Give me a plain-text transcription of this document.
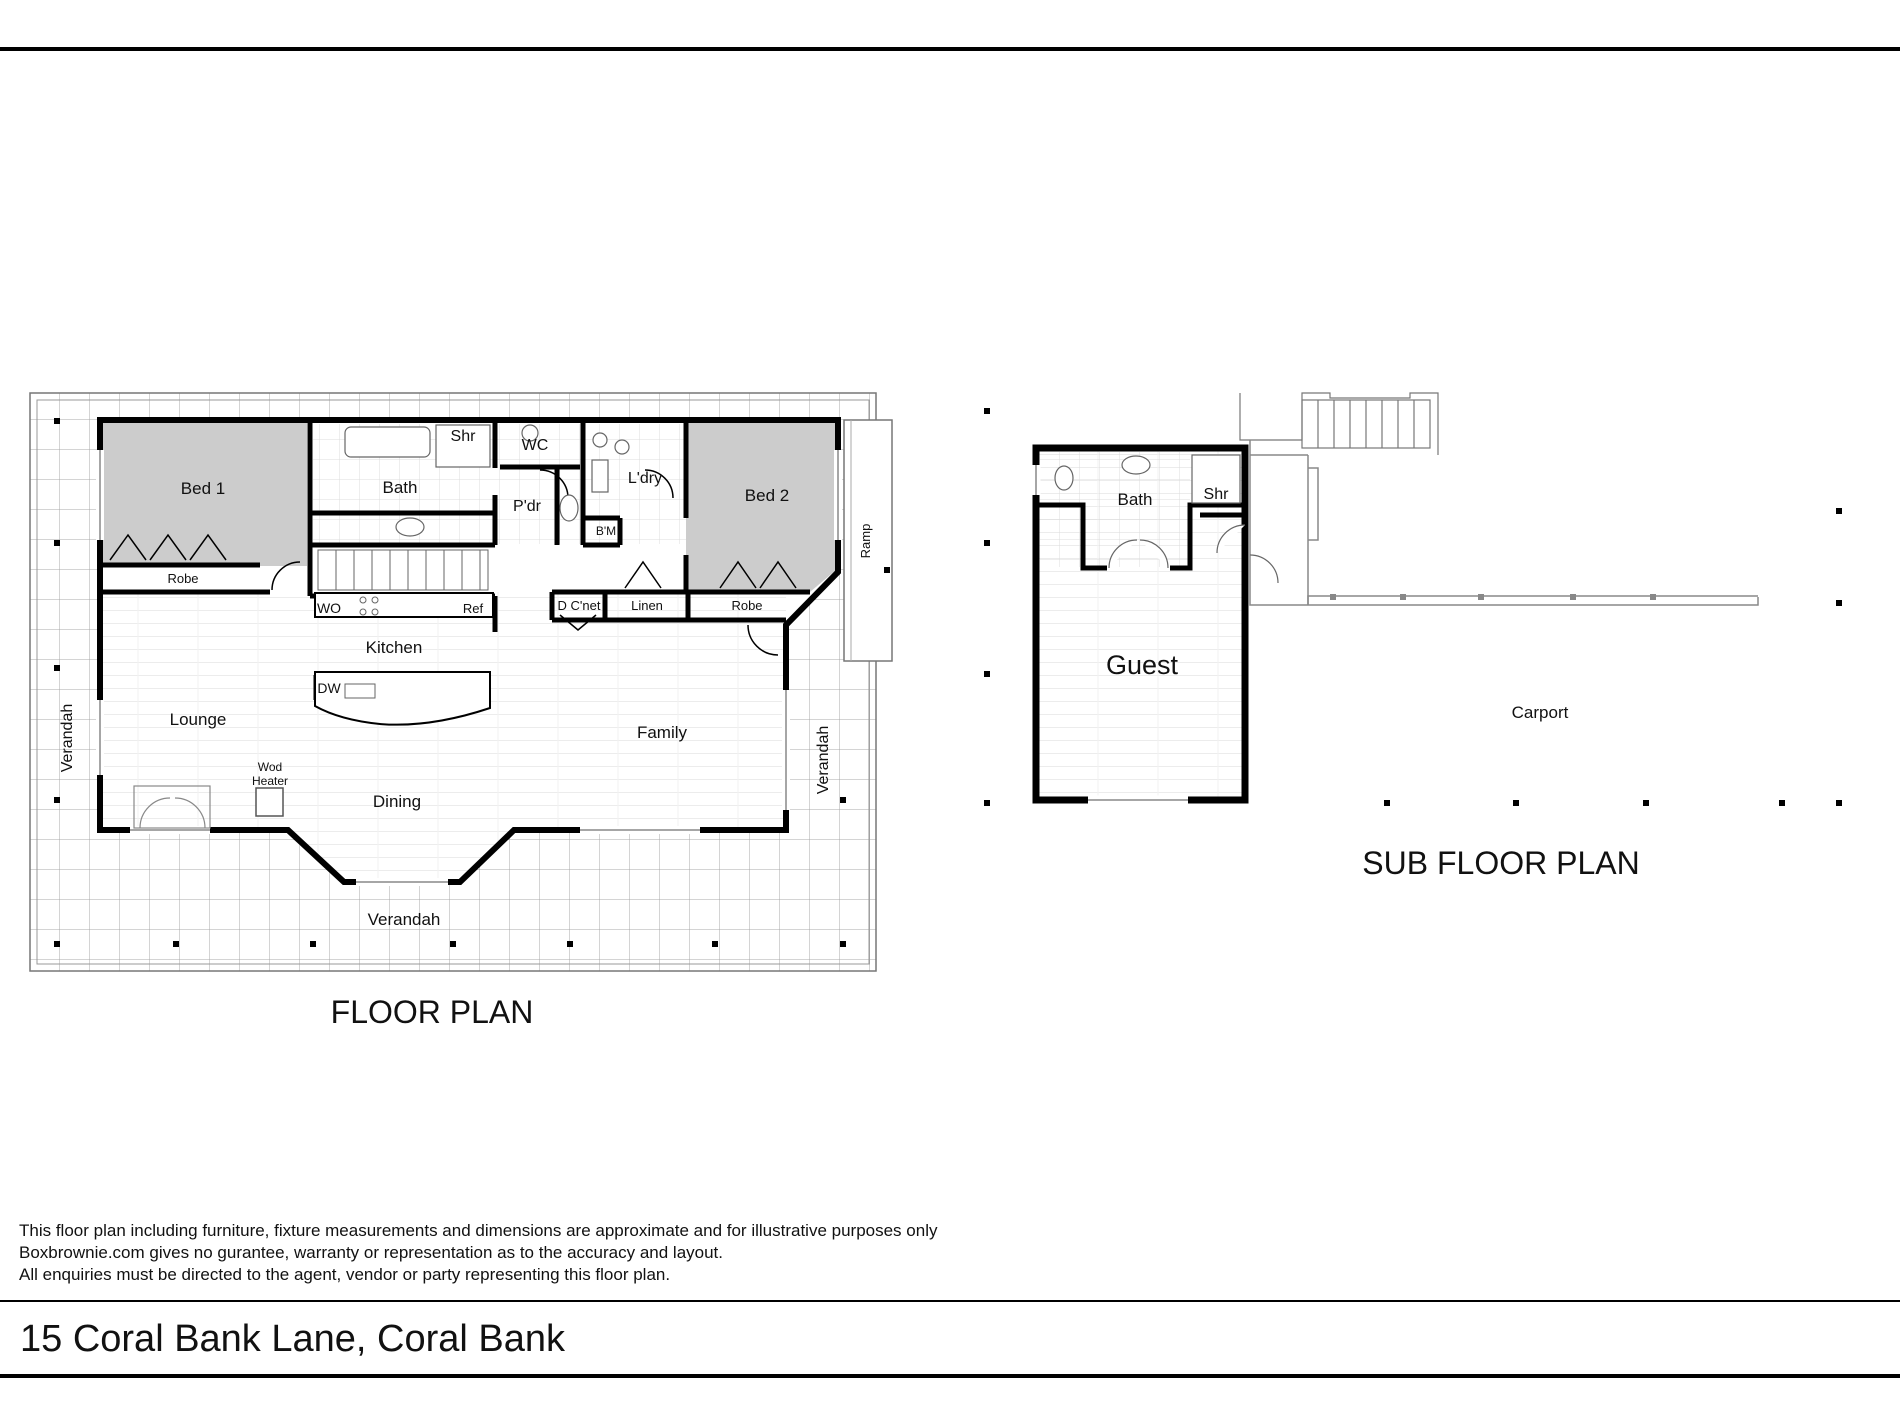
Bed 1
Robe
Bath
Shr
WC
P'dr
L'dry
B'M
Bed 2
Robe
Ramp
WO	Ref	D C'net Linen
Kitchen
DW
Lounge
Family
Wod
Heater
Dining
Verandah	Verandah
Verandah
FLOOR PLAN
Bath	Shr
Guest
Carport
SUB FLOOR PLAN
This floor plan including furniture, fixture measurements and dimensions are approximate and for illustrative purposes only
Boxbrownie.com gives no gurantee, warranty or representation as to the accuracy and layout.
All enquiries must be directed to the agent, vendor or party representing this floor plan.
15 Coral Bank Lane, Coral Bank
